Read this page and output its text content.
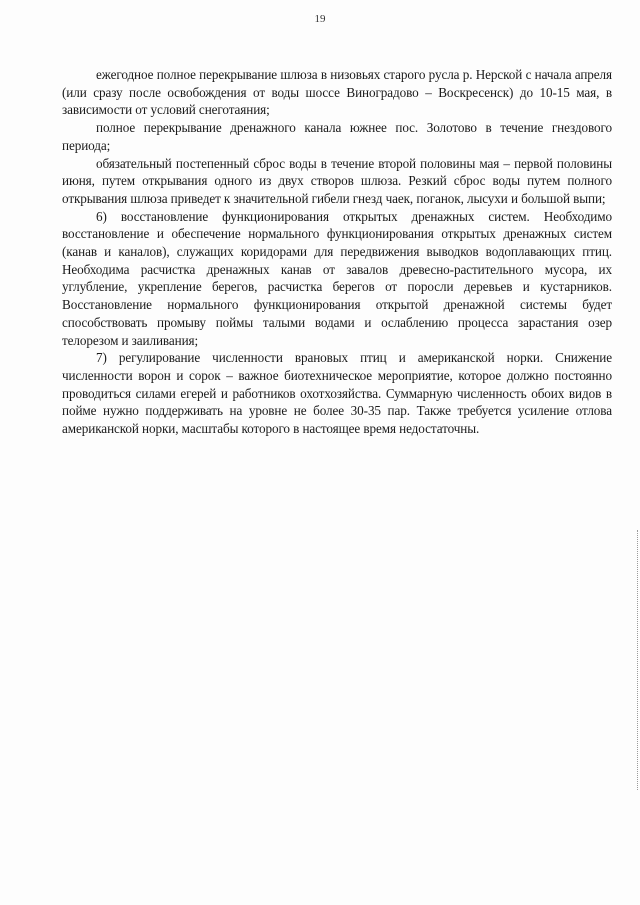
19

ежегодное полное перекрывание шлюза в низовьях старого русла р. Нерской с начала апреля (или сразу после освобождения от воды шоссе Виноградово – Воскресенск) до 10-15 мая, в зависимости от условий снеготаяния;

полное перекрывание дренажного канала южнее пос. Золотово в течение гнездового периода;

обязательный постепенный сброс воды в течение второй половины мая – первой половины июня, путем открывания одного из двух створов шлюза. Резкий сброс воды путем полного открывания шлюза приведет к значительной гибели гнезд чаек, поганок, лысухи и большой выпи;

6) восстановление функционирования открытых дренажных систем. Необходимо восстановление и обеспечение нормального функционирования открытых дренажных систем (канав и каналов), служащих коридорами для передвижения выводков водоплавающих птиц. Необходима расчистка дренажных канав от завалов древесно-растительного мусора, их углубление, укрепление берегов, расчистка берегов от поросли деревьев и кустарников. Восстановление нормального функционирования открытой дренажной системы будет способствовать промыву поймы талыми водами и ослаблению процесса зарастания озер телорезом и заиливания;

7) регулирование численности врановых птиц и американской норки. Снижение численности ворон и сорок – важное биотехническое мероприятие, которое должно постоянно проводиться силами егерей и работников охотхозяйства. Суммарную численность обоих видов в пойме нужно поддерживать на уровне не более 30-35 пар. Также требуется усиление отлова американской норки, масштабы которого в настоящее время недостаточны.
